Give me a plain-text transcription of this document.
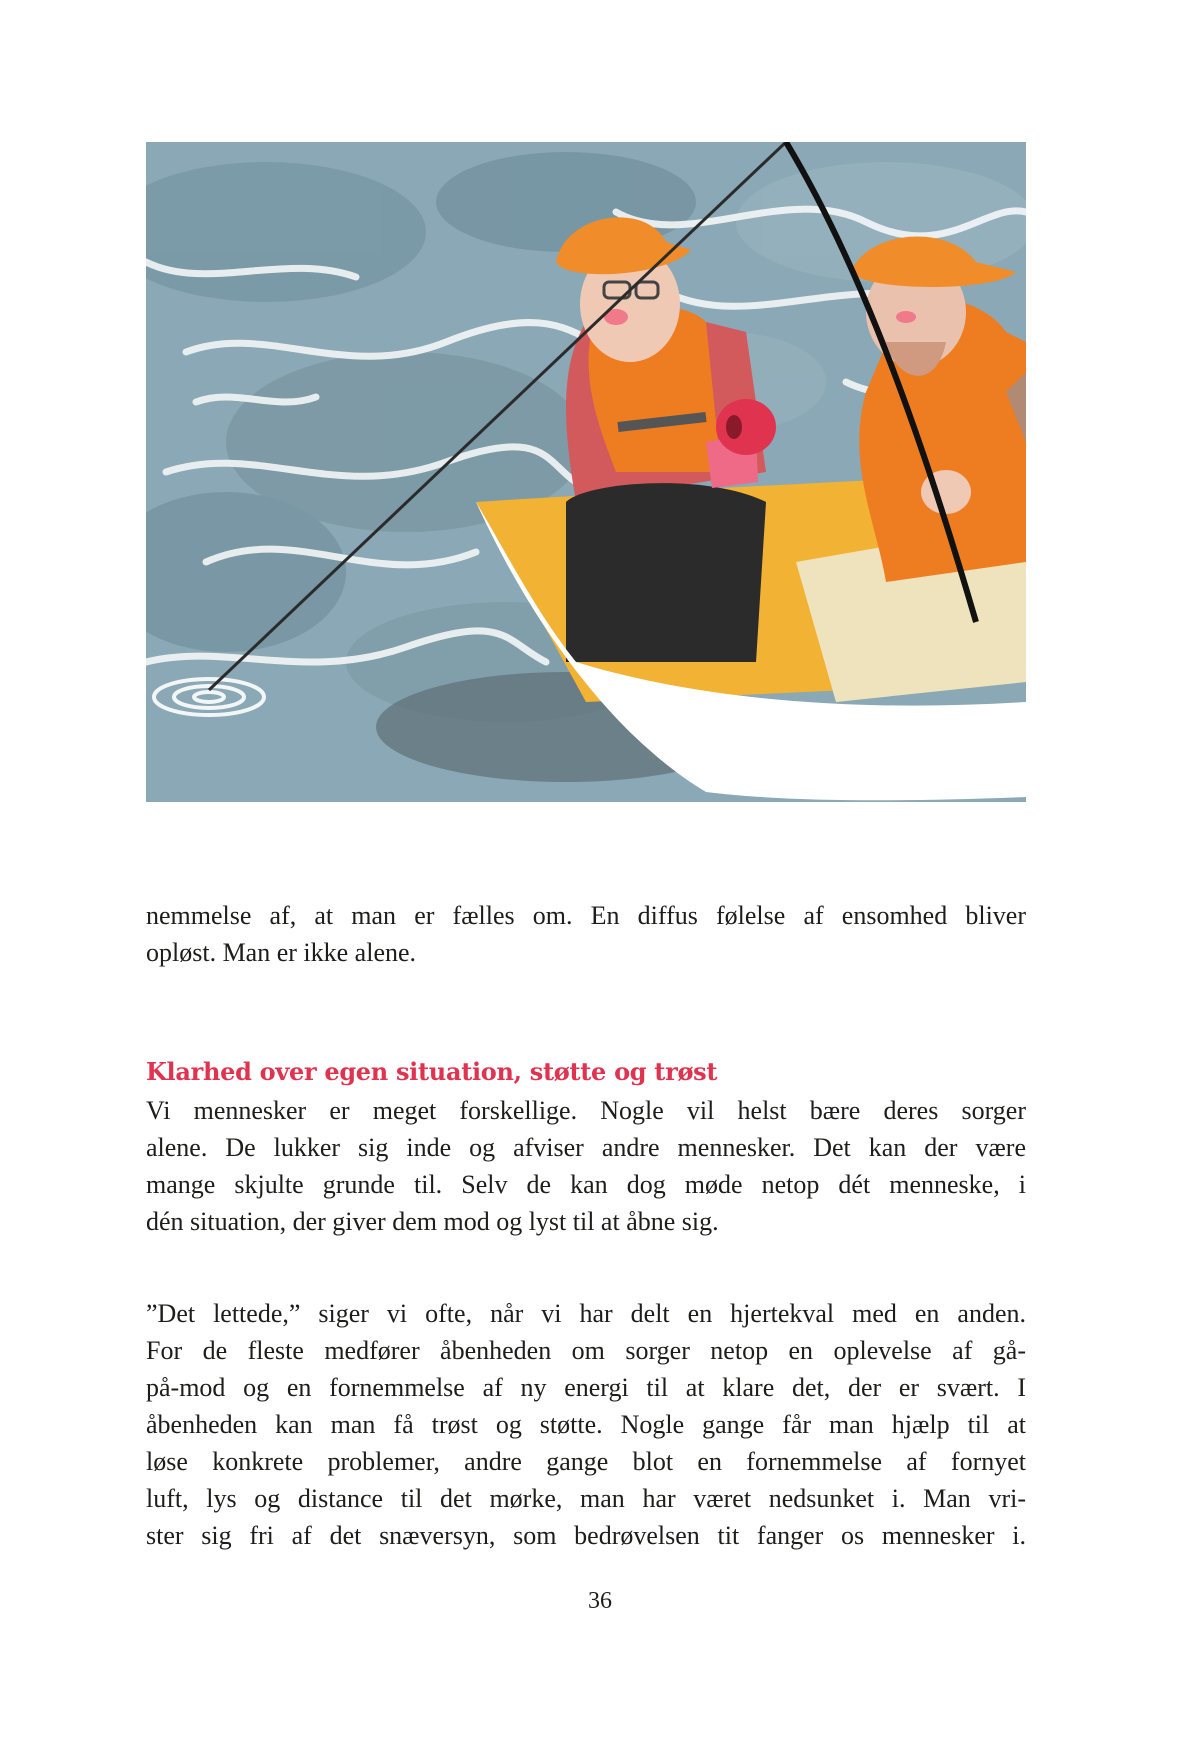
nemmelse af, at man er fælles om. En diffus følelse af ensomhed bliver
opløst. Man er ikke alene.
Klarhed over egen situation, støtte og trøst
Vi mennesker er meget forskellige. Nogle vil helst bære deres sorger
alene. De lukker sig inde og afviser andre mennesker. Det kan der være
mange skjulte grunde til. Selv de kan dog møde netop dét menneske, i
dén situation, der giver dem mod og lyst til at åbne sig.
”Det lettede,” siger vi ofte, når vi har delt en hjertekval med en anden.
For de fleste medfører åbenheden om sorger netop en oplevelse af gå-
på-mod og en fornemmelse af ny energi til at klare det, der er svært. I
åbenheden kan man få trøst og støtte. Nogle gange får man hjælp til at
løse konkrete problemer, andre gange blot en fornemmelse af fornyet
luft, lys og distance til det mørke, man har været nedsunket i. Man vri-
ster sig fri af det snæversyn, som bedrøvelsen tit fanger os mennesker i.
36
